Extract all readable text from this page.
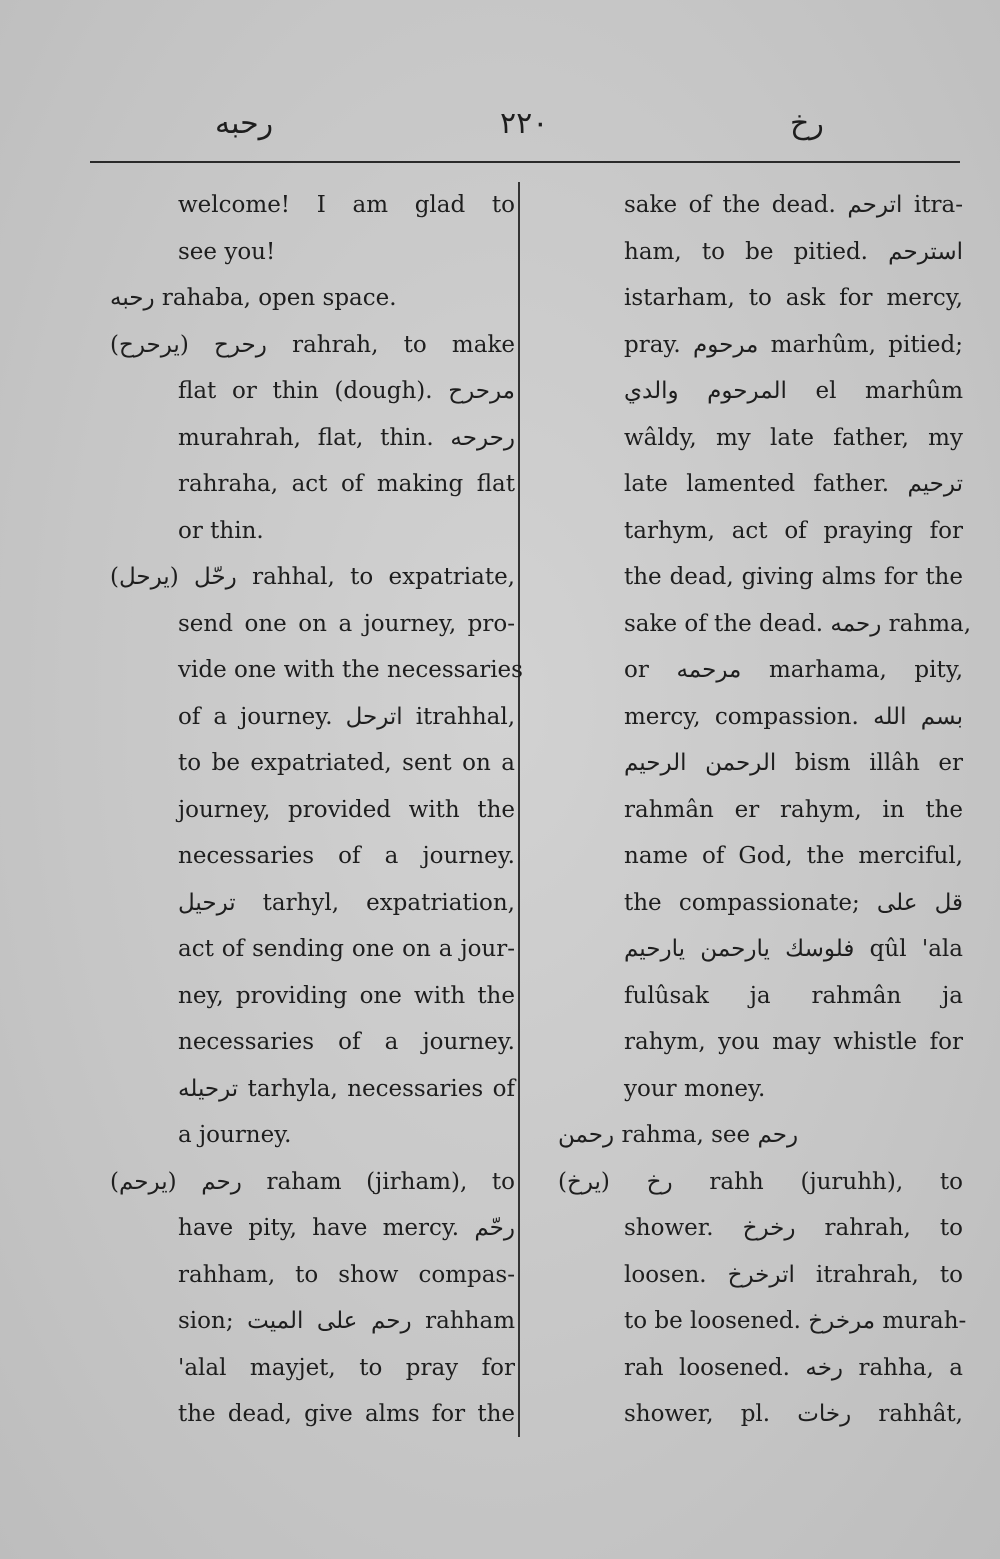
رحبه	٢٢٠	رخ
welcome! I am glad to
see you!
رحبه rahaba, open space.
رحرح (يرحرح) rahrah, to make
flat or thin (dough). مرحرح
murahrah, flat, thin. رحرحه
rahraha, act of making flat
or thin.
رحّل (يرحل) rahhal, to expatriate,
send one on a journey, pro-
vide one with the necessaries
of a journey. اترحل itrahhal,
to be expatriated, sent on a
journey, provided with the
necessaries of a journey.
ترحيل tarhyl, expatriation,
act of sending one on a jour-
ney, providing one with the
necessaries of a journey.
ترحيله tarhyla, necessaries of
a journey.
رحم (يرحم) raham (jirham), to
have pity, have mercy. رحّم
rahham, to show compas-
sion; رحم على الميت rahham
'alal mayjet, to pray for
the dead, give alms for the
sake of the dead. اترحم itra-
ham, to be pitied. استرحم
istarham, to ask for mercy,
pray. مرحوم marhûm, pitied;
المرحوم والدي el marhûm
wâldy, my late father, my
late lamented father. ترحيم
tarhym, act of praying for
the dead, giving alms for the
sake of the dead. رحمه rahma,
or مرحمه marhama, pity,
mercy, compassion. بسم الله
الرحمن الرحيم bism illâh er
rahmân er rahym, in the
name of God, the merciful,
the compassionate; قل على
فلوسك يارحمن يارحيم qûl 'ala
fulûsak ja rahmân ja
rahym, you may whistle for
your money.
رحمن rahma, see رحم
رخ (يرخ) rahh (juruhh), to
shower. رخرخ rahrah, to
loosen. اترخرخ itrahrah, to
to be loosened. مرخرخ murah-
rah loosened. رخه rahha, a
shower, pl. رخات rahhât,
